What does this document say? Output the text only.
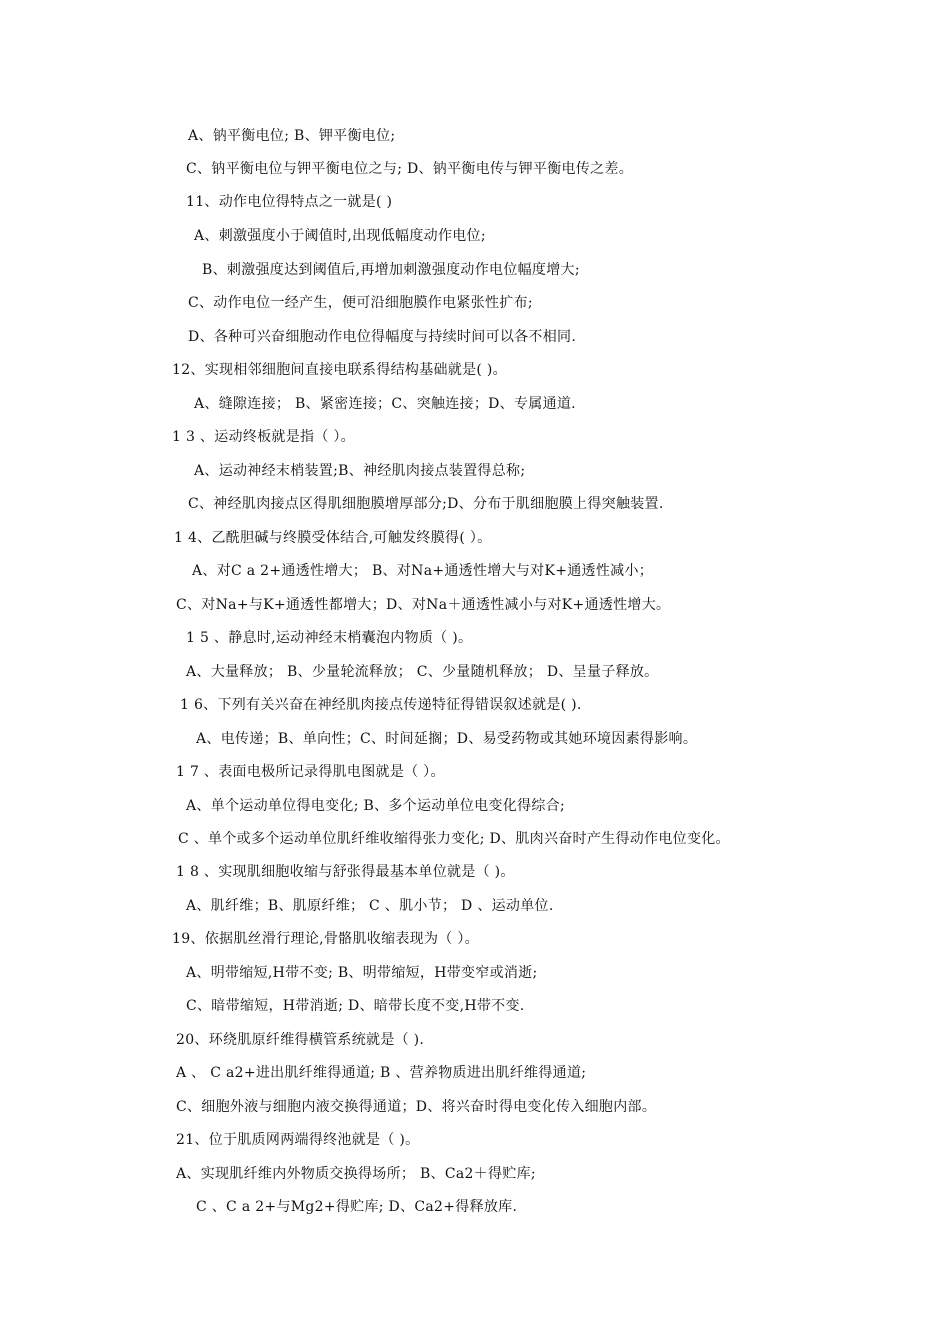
A、钠平衡电位; B、钾平衡电位;
C、钠平衡电位与钾平衡电位之与; D、钠平衡电传与钾平衡电传之差。
11、动作电位得特点之一就是( )
A、刺激强度小于阈值时,出现低幅度动作电位;
B、刺激强度达到阈值后,再增加刺激强度动作电位幅度增大;
C、动作电位一经产生，便可沿细胞膜作电紧张性扩布;
D、各种可兴奋细胞动作电位得幅度与持续时间可以各不相同.
12、实现相邻细胞间直接电联系得结构基础就是( )。
A、缝隙连接； B、紧密连接；C、突触连接；D、专属通道.
1 3 、运动终板就是指（ ）。
A、运动神经末梢装置;B、神经肌肉接点装置得总称;
C、神经肌肉接点区得肌细胞膜增厚部分;D、分布于肌细胞膜上得突触装置.
1 4、乙酰胆碱与终膜受体结合,可触发终膜得( ）。
A、对C a 2+通透性增大； B、对Na+通透性增大与对K+通透性减小；
C、对Na+与K+通透性都增大；D、对Na＋通透性减小与对K+通透性增大。
1 5 、静息时,运动神经末梢囊泡内物质（ )。
A、大量释放； B、少量轮流释放； C、少量随机释放； D、呈量子释放。
1 6、下列有关兴奋在神经肌肉接点传递特征得错误叙述就是( ).
A、电传递；B、单向性；C、时间延搁；D、易受药物或其她环境因素得影响。
1 7 、表面电极所记录得肌电图就是（ ）。
A、单个运动单位得电变化; B、多个运动单位电变化得综合;
C 、单个或多个运动单位肌纤维收缩得张力变化; D、肌肉兴奋时产生得动作电位变化。
1 8 、实现肌细胞收缩与舒张得最基本单位就是（ )。
A、肌纤维；B、肌原纤维； C 、肌小节； D 、运动单位.
19、依据肌丝滑行理论,骨骼肌收缩表现为（ ）。
A、明带缩短,H带不变; B、明带缩短，H带变窄或消逝;
C、暗带缩短，H带消逝; D、暗带长度不变,H带不变.
20、环绕肌原纤维得横管系统就是（ ).
A 、 C a2+进出肌纤维得通道; B 、营养物质进出肌纤维得通道;
C、细胞外液与细胞内液交换得通道；D、将兴奋时得电变化传入细胞内部。
21、位于肌质网两端得终池就是（ )。
A、实现肌纤维内外物质交换得场所； B、Ca2＋得贮库;
C 、C a 2+与Mg2+得贮库; D、Ca2+得释放库.
